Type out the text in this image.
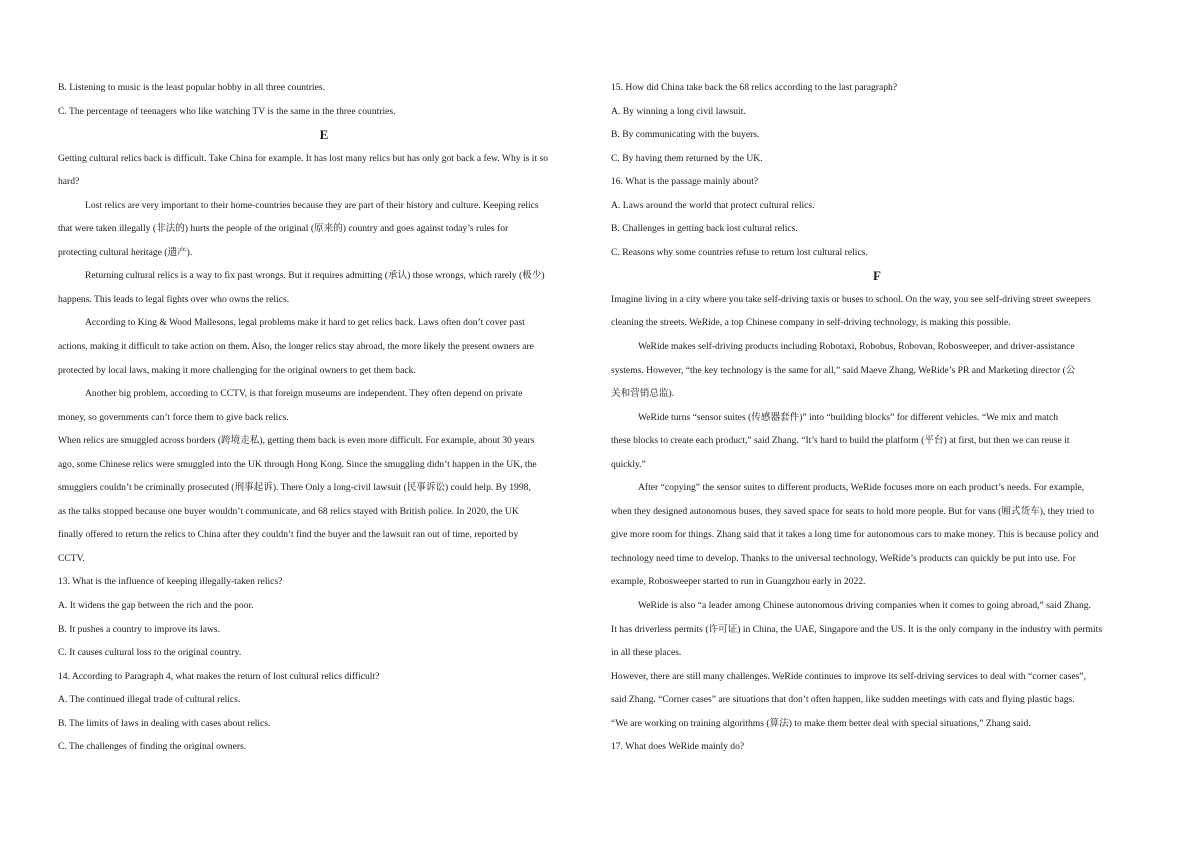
B. Listening to music is the least popular hobby in all three countries.
C. The percentage of teenagers who like watching TV is the same in the three countries.
E
Getting cultural relics back is difficult. Take China for example. It has lost many relics but has only got back a few. Why is it so
hard?
Lost relics are very important to their home-countries because they are part of their history and culture. Keeping relics
that were taken illegally (非法的) hurts the people of the original (原来的) country and goes against today’s rules for
protecting cultural heritage (遗产).
Returning cultural relics is a way to fix past wrongs. But it requires admitting (承认) those wrongs, which rarely (极少)
happens. This leads to legal fights over who owns the relics.
According to King & Wood Mallesons, legal problems make it hard to get relics back. Laws often don’t cover past
actions, making it difficult to take action on them. Also, the longer relics stay abroad, the more likely the present owners are
protected by local laws, making it more challenging for the original owners to get them back.
Another big problem, according to CCTV, is that foreign museums are independent. They often depend on private
money, so governments can’t force them to give back relics.
When relics are smuggled across borders (跨境走私), getting them back is even more difficult. For example, about 30 years
ago, some Chinese relics were smuggled into the UK through Hong Kong. Since the smuggling didn’t happen in the UK, the
smugglers couldn’t be criminally prosecuted (刑事起诉). There Only a long-civil lawsuit (民事诉讼) could help. By 1998,
as the talks stopped because one buyer wouldn’t communicate, and 68 relics stayed with British police. In 2020, the UK
finally offered to return the relics to China after they couldn’t find the buyer and the lawsuit ran out of time, reported by
CCTV.
13. What is the influence of keeping illegally-taken relics?
A. It widens the gap between the rich and the poor.
B. It pushes a country to improve its laws.
C. It causes cultural loss to the original country.
14. According to Paragraph 4, what makes the return of lost cultural relics difficult?
A. The continued illegal trade of cultural relics.
B. The limits of laws in dealing with cases about relics.
C. The challenges of finding the original owners.
15. How did China take back the 68 relics according to the last paragraph?
A. By winning a long civil lawsuit.
B. By communicating with the buyers.
C. By having them returned by the UK.
16. What is the passage mainly about?
A. Laws around the world that protect cultural relics.
B. Challenges in getting back lost cultural relics.
C. Reasons why some countries refuse to return lost cultural relics.
F
Imagine living in a city where you take self-driving taxis or buses to school. On the way, you see self-driving street sweepers
cleaning the streets. WeRide, a top Chinese company in self-driving technology, is making this possible.
WeRide makes self-driving products including Robotaxi, Robobus, Robovan, Robosweeper, and driver-assistance
systems. However, “the key technology is the same for all,” said Maeve Zhang, WeRide’s PR and Marketing director (公
关和营销总监).
WeRide turns “sensor suites (传感器套件)” into “building blocks” for different vehicles. “We mix and match
these blocks to create each product,” said Zhang. “It’s hard to build the platform (平台) at first, but then we can reuse it
quickly.”
After “copying” the sensor suites to different products, WeRide focuses more on each product’s needs. For example,
when they designed autonomous buses, they saved space for seats to hold more people. But for vans (厢式货车), they tried to
give more room for things. Zhang said that it takes a long time for autonomous cars to make money. This is because policy and
technology need time to develop. Thanks to the universal technology, WeRide’s products can quickly be put into use. For
example, Robosweeper started to run in Guangzhou early in 2022.
WeRide is also “a leader among Chinese autonomous driving companies when it comes to going abroad,” said Zhang.
It has driverless permits (许可证) in China, the UAE, Singapore and the US. It is the only company in the industry with permits
in all these places.
However, there are still many challenges. WeRide continues to improve its self-driving services to deal with “corner cases”,
said Zhang. “Corner cases” are situations that don’t often happen, like sudden meetings with cats and flying plastic bags.
“We are working on training algorithms (算法) to make them better deal with special situations,” Zhang said.
17. What does WeRide mainly do?
